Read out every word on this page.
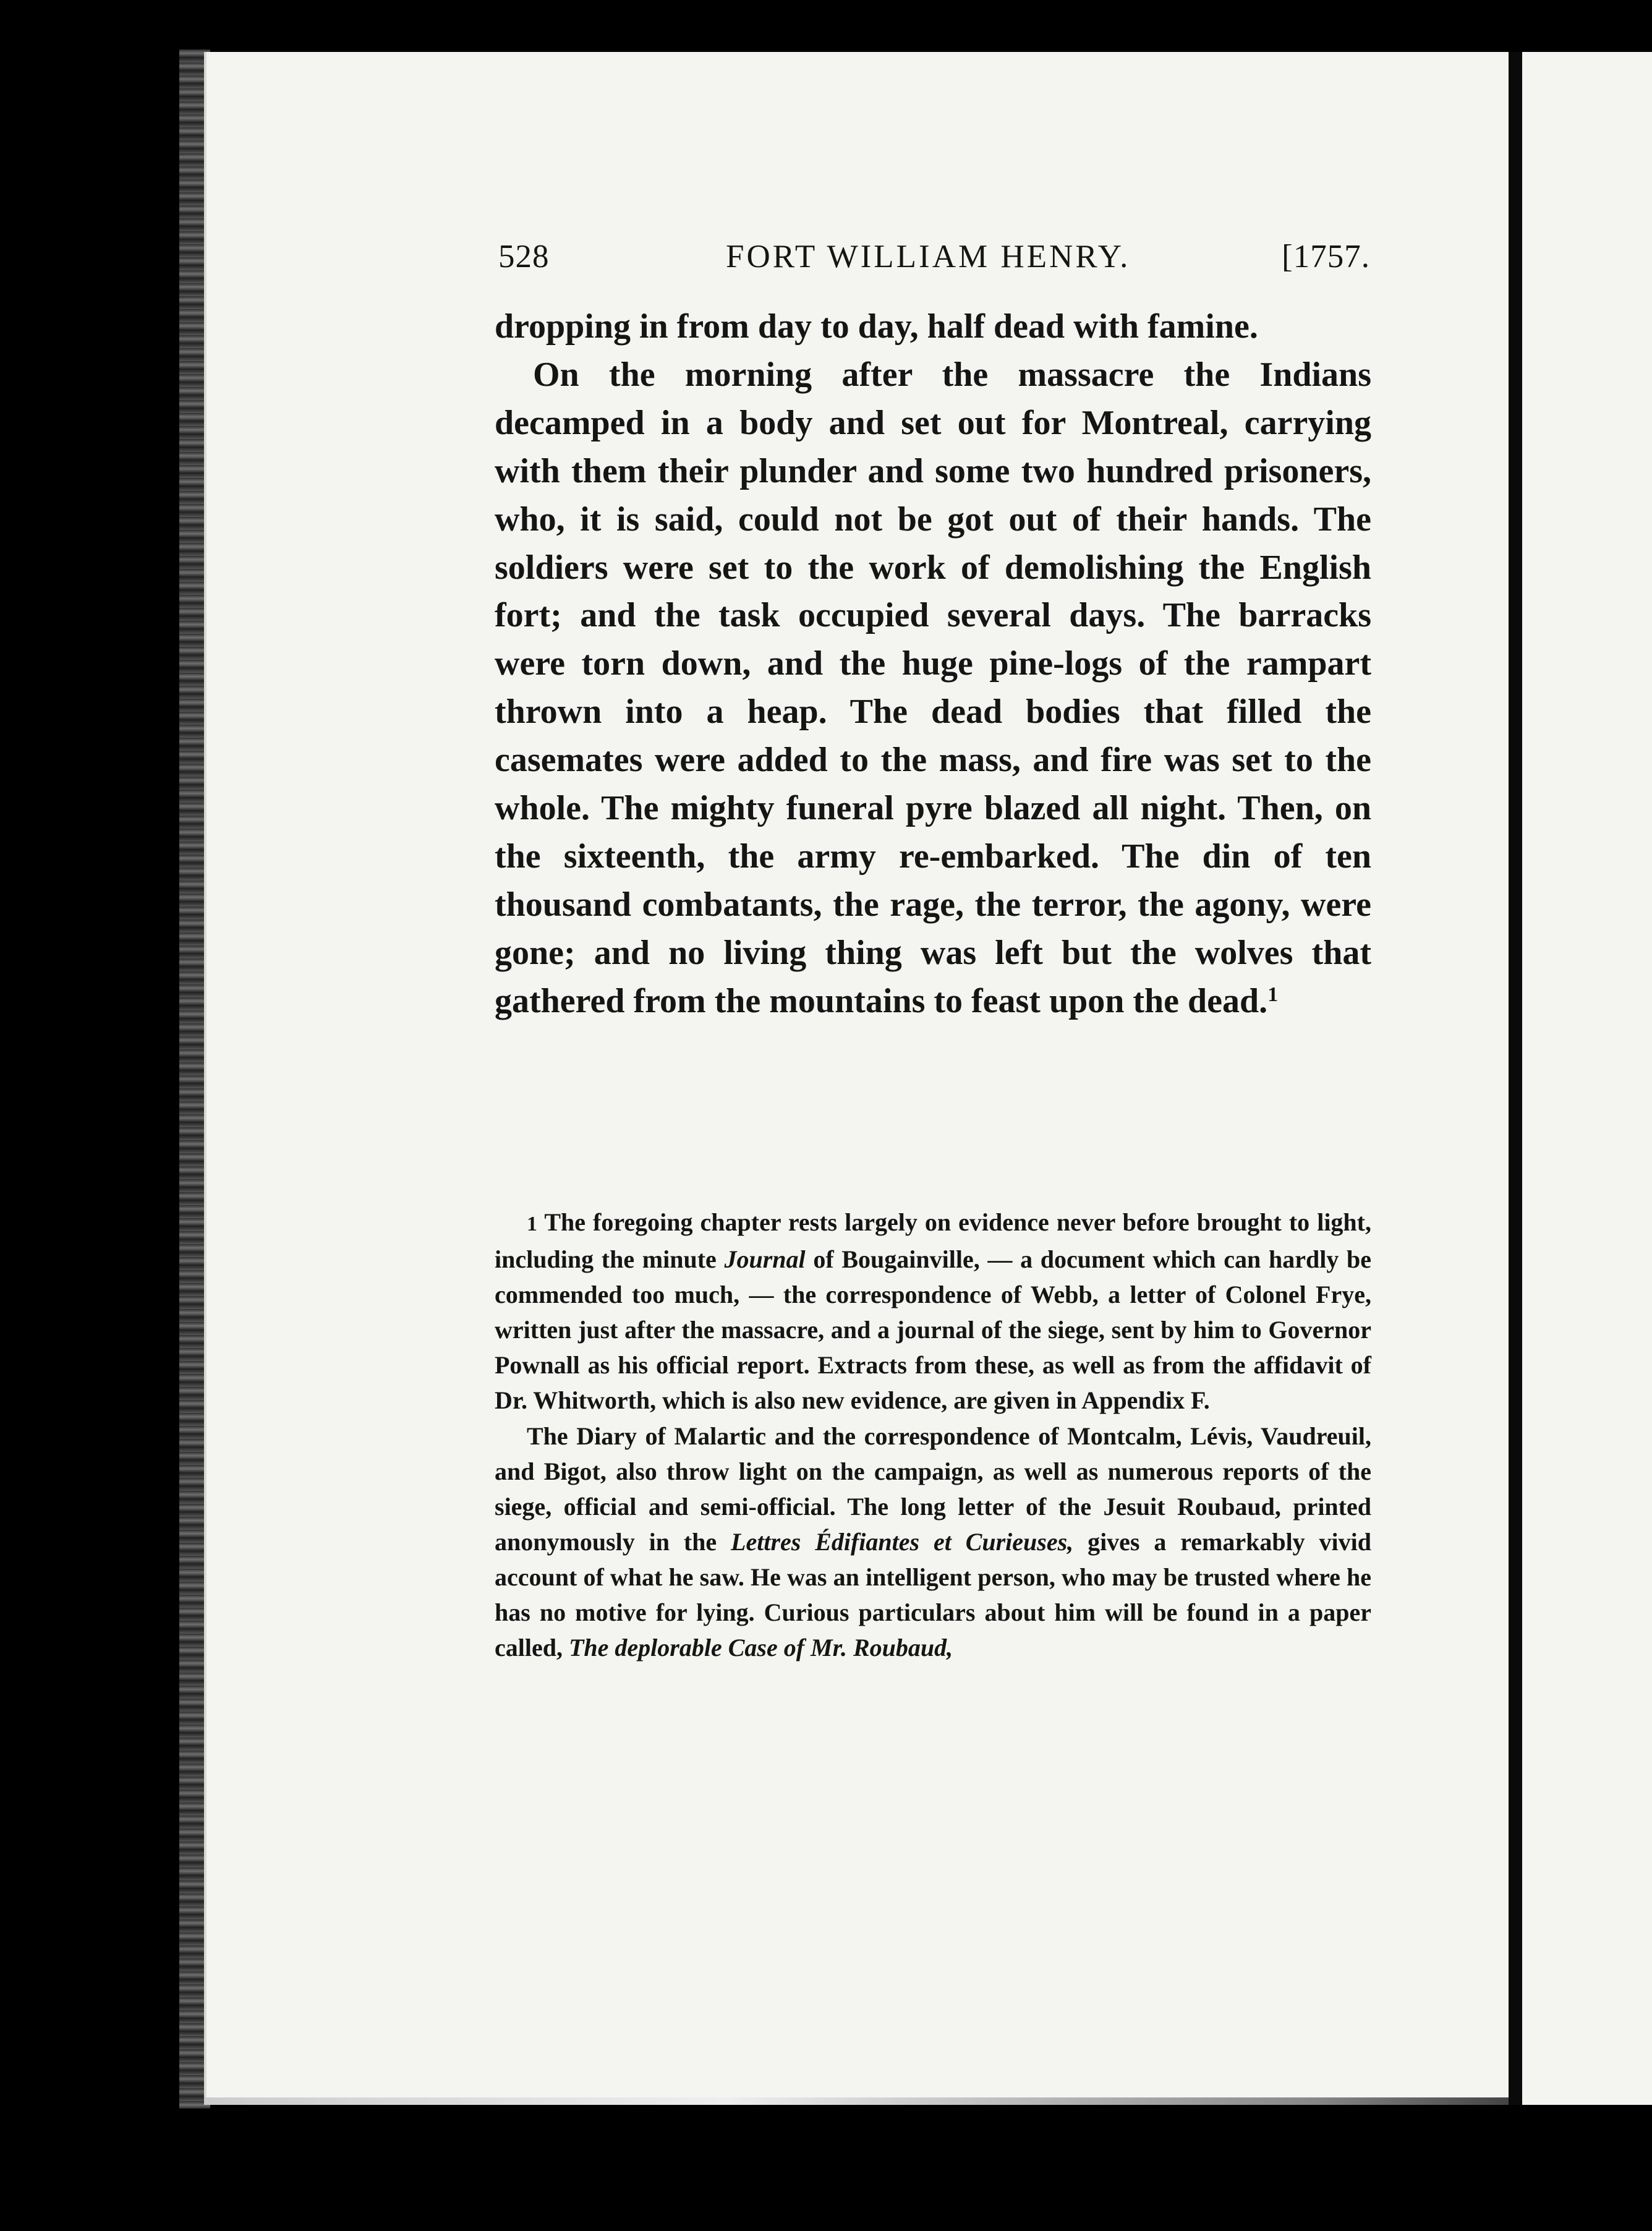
528	FORT WILLIAM HENRY.	[1757.

dropping in from day to day, half dead with famine.

On the morning after the massacre the Indians decamped in a body and set out for Montreal, carrying with them their plunder and some two hundred prisoners, who, it is said, could not be got out of their hands. The soldiers were set to the work of demolishing the English fort; and the task occupied several days. The barracks were torn down, and the huge pine-logs of the rampart thrown into a heap. The dead bodies that filled the casemates were added to the mass, and fire was set to the whole. The mighty funeral pyre blazed all night. Then, on the sixteenth, the army re-embarked. The din of ten thousand combatants, the rage, the terror, the agony, were gone; and no living thing was left but the wolves that gathered from the mountains to feast upon the dead.$^1$

1 The foregoing chapter rests largely on evidence never before brought to light, including the minute Journal of Bougainville, — a document which can hardly be commended too much, — the correspondence of Webb, a letter of Colonel Frye, written just after the massacre, and a journal of the siege, sent by him to Governor Pownall as his official report. Extracts from these, as well as from the affidavit of Dr. Whitworth, which is also new evidence, are given in Appendix F.

The Diary of Malartic and the correspondence of Montcalm, Lévis, Vaudreuil, and Bigot, also throw light on the campaign, as well as numerous reports of the siege, official and semi-official. The long letter of the Jesuit Roubaud, printed anonymously in the Lettres Édifiantes et Curieuses, gives a remarkably vivid account of what he saw. He was an intelligent person, who may be trusted where he has no motive for lying. Curious particulars about him will be found in a paper called, The deplorable Case of Mr. Roubaud,
